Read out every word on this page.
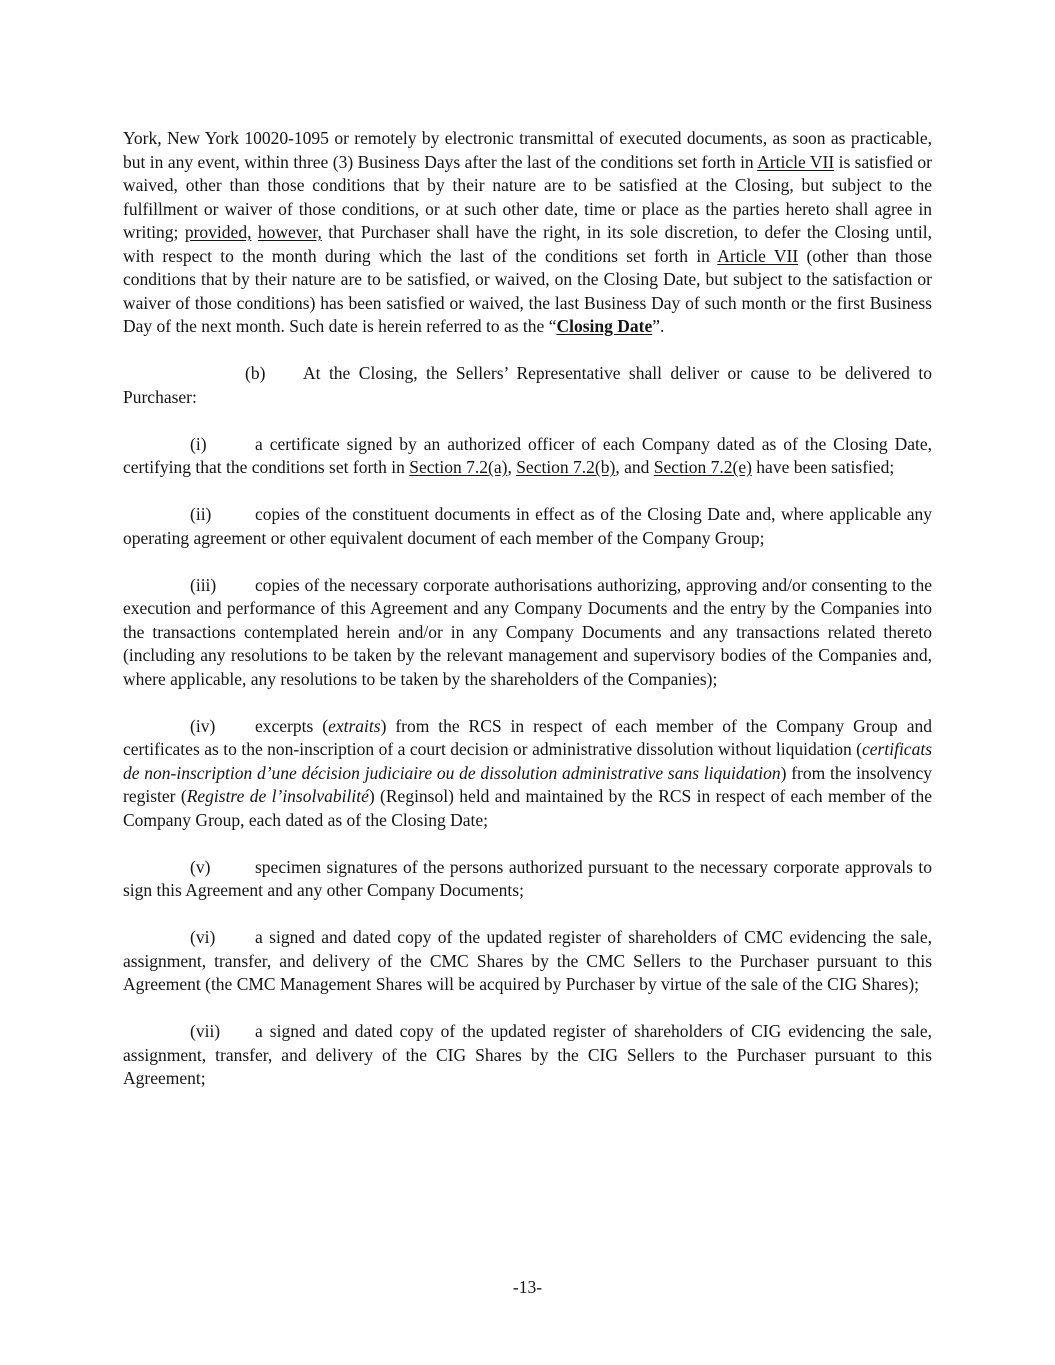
York, New York 10020-1095 or remotely by electronic transmittal of executed documents, as soon as practicable, but in any event, within three (3) Business Days after the last of the conditions set forth in Article VII is satisfied or waived, other than those conditions that by their nature are to be satisfied at the Closing, but subject to the fulfillment or waiver of those conditions, or at such other date, time or place as the parties hereto shall agree in writing; provided, however, that Purchaser shall have the right, in its sole discretion, to defer the Closing until, with respect to the month during which the last of the conditions set forth in Article VII (other than those conditions that by their nature are to be satisfied, or waived, on the Closing Date, but subject to the satisfaction or waiver of those conditions) has been satisfied or waived, the last Business Day of such month or the first Business Day of the next month. Such date is herein referred to as the “Closing Date”.

(b) At the Closing, the Sellers’ Representative shall deliver or cause to be delivered to Purchaser:

(i)	a certificate signed by an authorized officer of each Company dated as of the Closing Date, certifying that the conditions set forth in Section 7.2(a), Section 7.2(b), and Section 7.2(e) have been satisfied;

(ii) copies of the constituent documents in effect as of the Closing Date and, where applicable any operating agreement or other equivalent document of each member of the Company Group;

(iii) copies of the necessary corporate authorisations authorizing, approving and/or consenting to the execution and performance of this Agreement and any Company Documents and the entry by the Companies into the transactions contemplated herein and/or in any Company Documents and any transactions related thereto (including any resolutions to be taken by the relevant management and supervisory bodies of the Companies and, where applicable, any resolutions to be taken by the shareholders of the Companies);

(iv) excerpts (extraits) from the RCS in respect of each member of the Company Group and certificates as to the non-inscription of a court decision or administrative dissolution without liquidation (certificats de non-inscription d’une décision judiciaire ou de dissolution administrative sans liquidation) from the insolvency register (Registre de l’insolvabilité) (Reginsol) held and maintained by the RCS in respect of each member of the Company Group, each dated as of the Closing Date;

(v)	specimen signatures of the persons authorized pursuant to the necessary corporate approvals to sign this Agreement and any other Company Documents;

(vi) a signed and dated copy of the updated register of shareholders of CMC evidencing the sale, assignment, transfer, and delivery of the CMC Shares by the CMC Sellers to the Purchaser pursuant to this Agreement (the CMC Management Shares will be acquired by Purchaser by virtue of the sale of the CIG Shares);

(vii) a signed and dated copy of the updated register of shareholders of CIG evidencing the sale, assignment, transfer, and delivery of the CIG Shares by the CIG Sellers to the Purchaser pursuant to this Agreement;

-13-
